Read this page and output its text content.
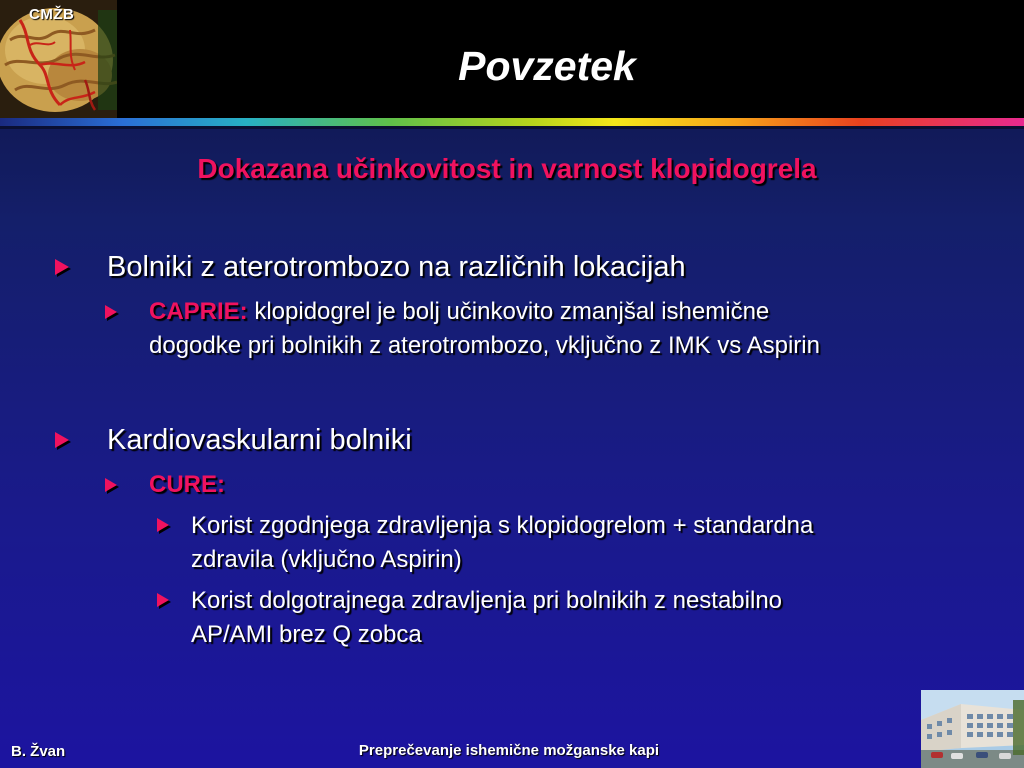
CMŽB
Povzetek
Dokazana učinkovitost in varnost klopidogrela
Bolniki z aterotrombozo na različnih lokacijah
CAPRIE: klopidogrel je bolj učinkovito zmanjšal ishemične
dogodke pri bolnikih z aterotrombozo, vključno z IMK vs Aspirin
Kardiovaskularni bolniki
CURE:
Korist zgodnjega zdravljenja s klopidogrelom + standardna
zdravila (vključno Aspirin)
Korist dolgotrajnega zdravljenja pri bolnikih z nestabilno
AP/AMI brez Q zobca
B. Žvan	Preprečevanje ishemične možganske kapi
